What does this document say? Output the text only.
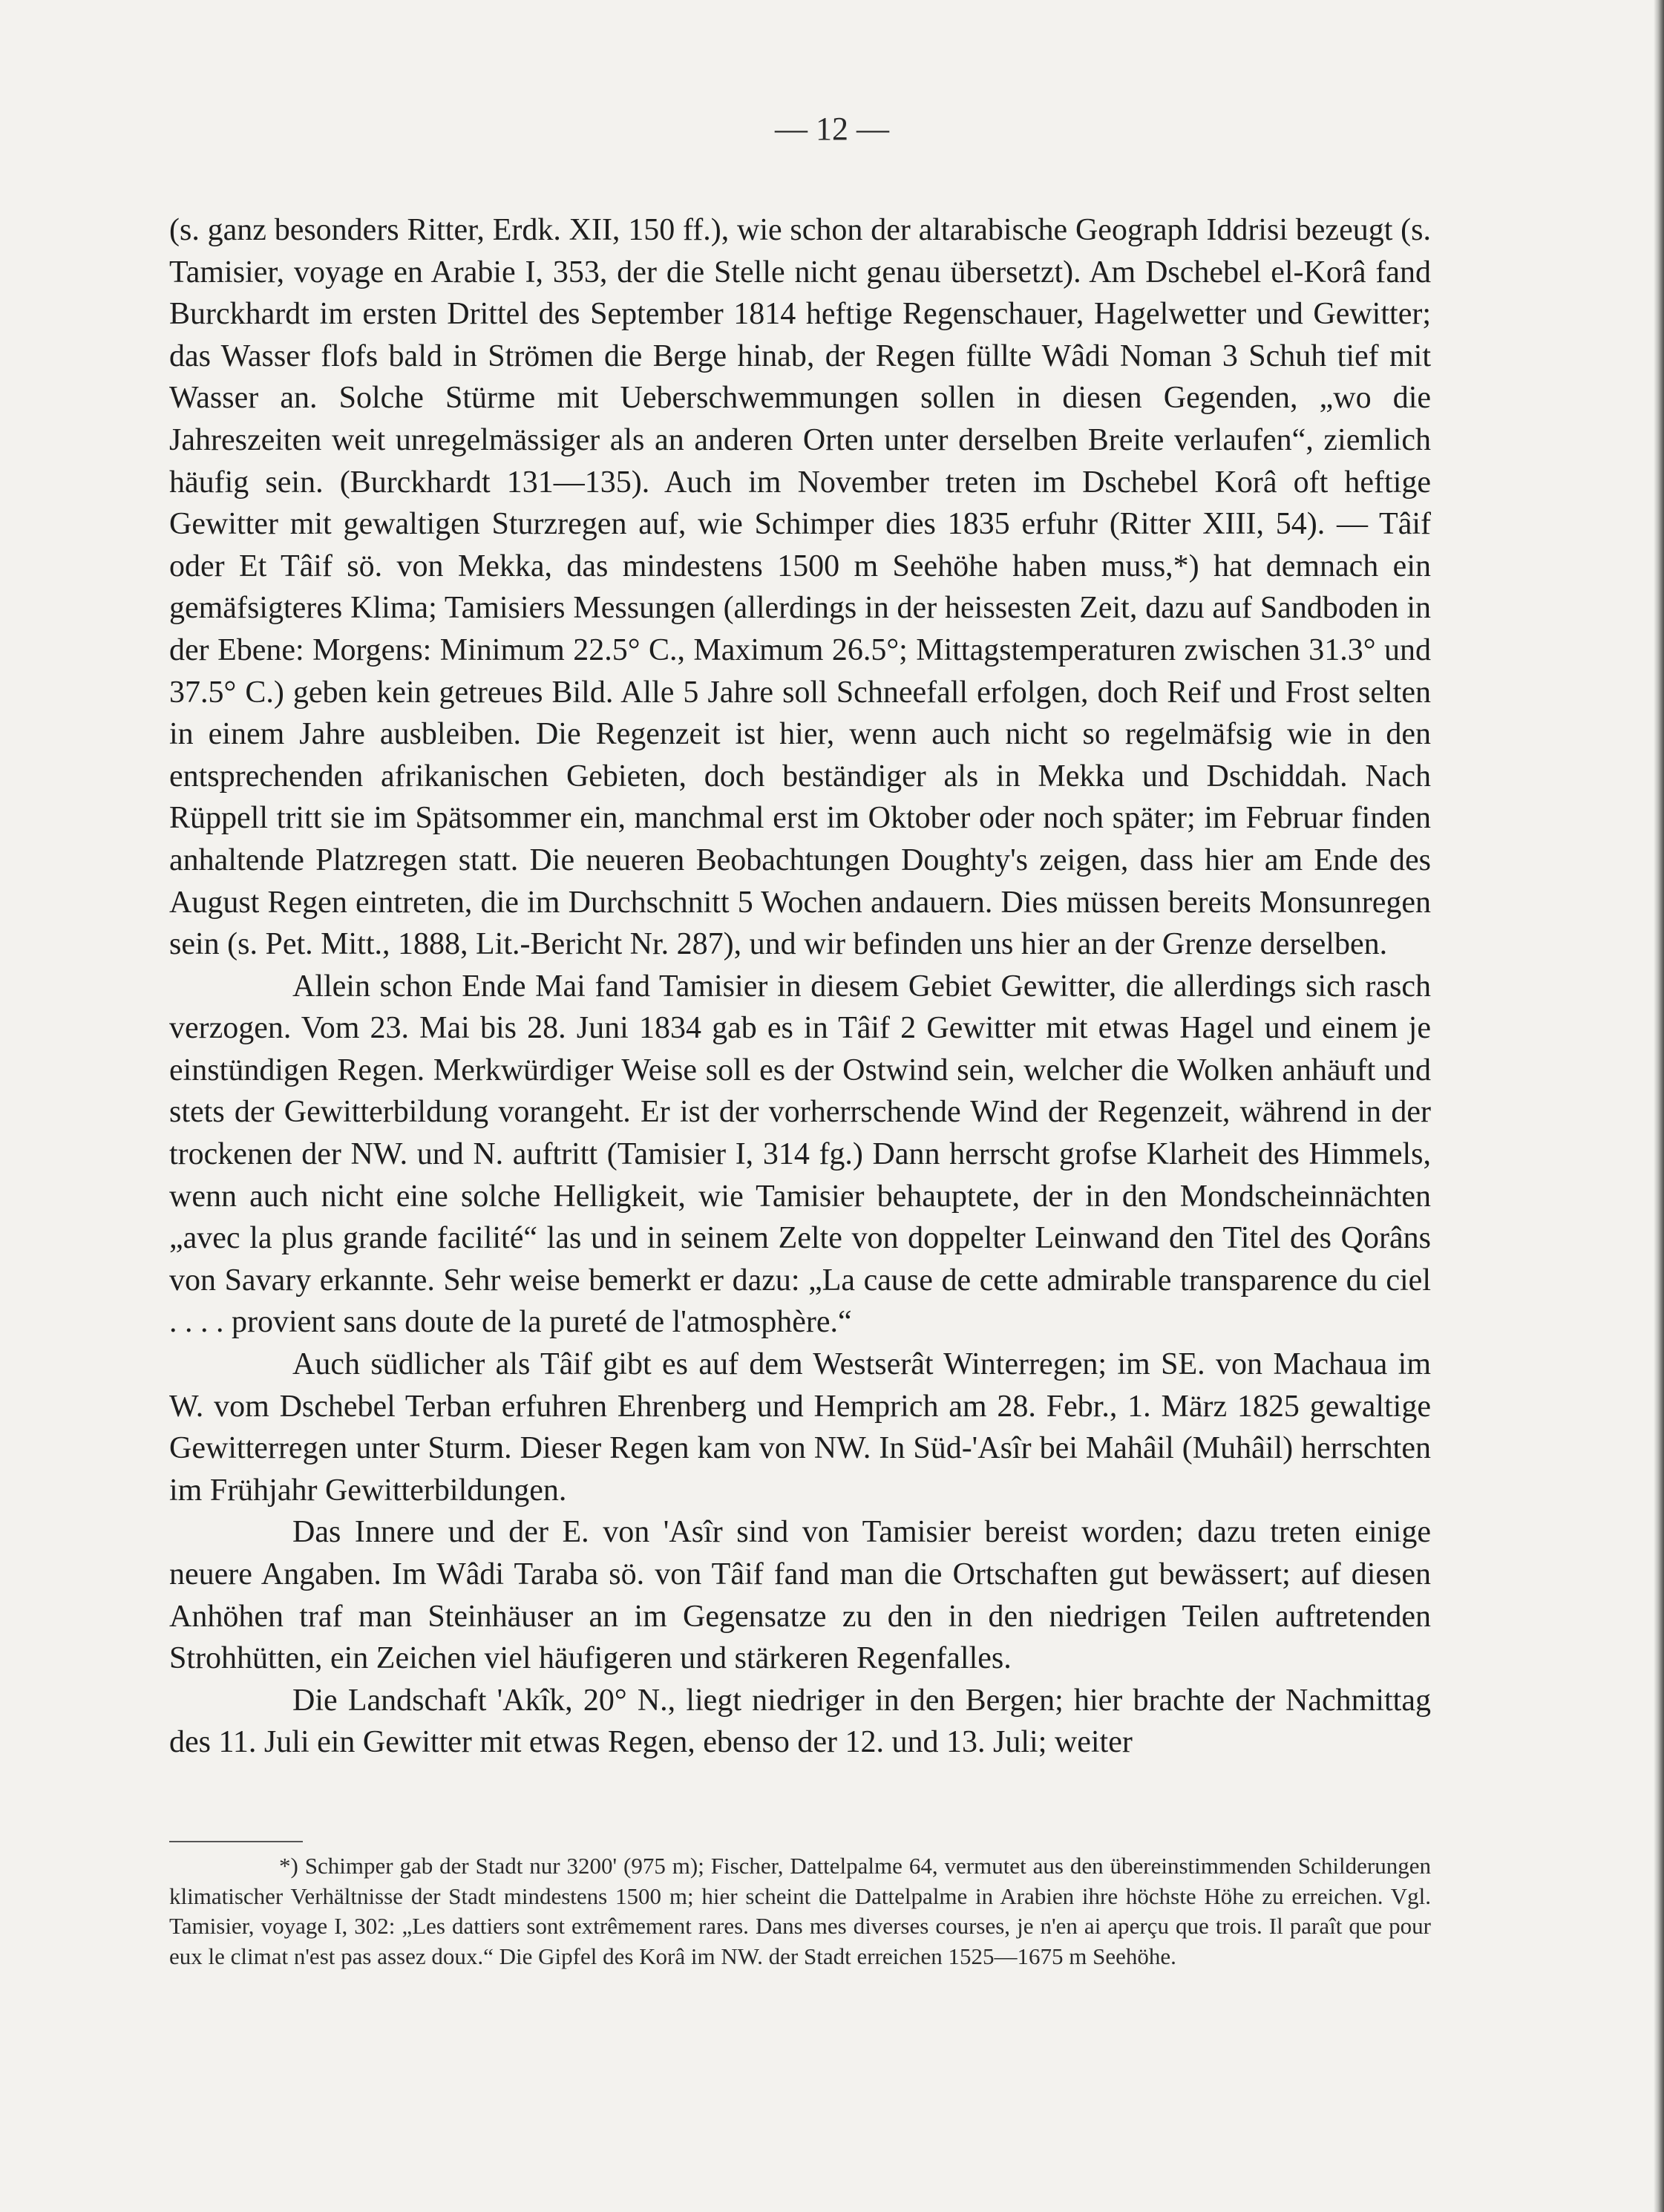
— 12 —

(s. ganz besonders Ritter, Erdk. XII, 150 ff.), wie schon der altarabische Geograph Iddrisi bezeugt (s. Tamisier, voyage en Arabie I, 353, der die Stelle nicht genau übersetzt). Am Dschebel el-Korâ fand Burckhardt im ersten Drittel des September 1814 heftige Regenschauer, Hagelwetter und Gewitter; das Wasser flofs bald in Strömen die Berge hinab, der Regen füllte Wâdi Noman 3 Schuh tief mit Wasser an. Solche Stürme mit Ueberschwemmungen sollen in diesen Gegenden, „wo die Jahreszeiten weit unregelmässiger als an anderen Orten unter derselben Breite verlaufen“, ziemlich häufig sein. (Burckhardt 131—135). Auch im November treten im Dschebel Korâ oft heftige Gewitter mit gewaltigen Sturzregen auf, wie Schimper dies 1835 erfuhr (Ritter XIII, 54). — Tâif oder Et Tâif sö. von Mekka, das mindestens 1500 m Seehöhe haben muss,*) hat demnach ein gemäfsigteres Klima; Tamisiers Messungen (allerdings in der heissesten Zeit, dazu auf Sandboden in der Ebene: Morgens: Minimum 22.5° C., Maximum 26.5°; Mittagstemperaturen zwischen 31.3° und 37.5° C.) geben kein getreues Bild. Alle 5 Jahre soll Schneefall erfolgen, doch Reif und Frost selten in einem Jahre ausbleiben. Die Regenzeit ist hier, wenn auch nicht so regelmäfsig wie in den entsprechenden afrikanischen Gebieten, doch beständiger als in Mekka und Dschiddah. Nach Rüppell tritt sie im Spätsommer ein, manchmal erst im Oktober oder noch später; im Februar finden anhaltende Platzregen statt. Die neueren Beobachtungen Doughty's zeigen, dass hier am Ende des August Regen eintreten, die im Durchschnitt 5 Wochen andauern. Dies müssen bereits Monsunregen sein (s. Pet. Mitt., 1888, Lit.-Bericht Nr. 287), und wir befinden uns hier an der Grenze derselben.

Allein schon Ende Mai fand Tamisier in diesem Gebiet Gewitter, die allerdings sich rasch verzogen. Vom 23. Mai bis 28. Juni 1834 gab es in Tâif 2 Gewitter mit etwas Hagel und einem je einstündigen Regen. Merkwürdiger Weise soll es der Ostwind sein, welcher die Wolken anhäuft und stets der Gewitterbildung vorangeht. Er ist der vorherrschende Wind der Regenzeit, während in der trockenen der NW. und N. auftritt (Tamisier I, 314 fg.) Dann herrscht grofse Klarheit des Himmels, wenn auch nicht eine solche Helligkeit, wie Tamisier behauptete, der in den Mondscheinnächten „avec la plus grande facilité“ las und in seinem Zelte von doppelter Leinwand den Titel des Qorâns von Savary erkannte. Sehr weise bemerkt er dazu: „La cause de cette admirable transparence du ciel . . . . provient sans doute de la pureté de l'atmosphère.“

Auch südlicher als Tâif gibt es auf dem Westserât Winterregen; im SE. von Machaua im W. vom Dschebel Terban erfuhren Ehrenberg und Hemprich am 28. Febr., 1. März 1825 gewaltige Gewitterregen unter Sturm. Dieser Regen kam von NW. In Süd-'Asîr bei Mahâil (Muhâil) herrschten im Frühjahr Gewitterbildungen.

Das Innere und der E. von 'Asîr sind von Tamisier bereist worden; dazu treten einige neuere Angaben. Im Wâdi Taraba sö. von Tâif fand man die Ortschaften gut bewässert; auf diesen Anhöhen traf man Steinhäuser an im Gegensatze zu den in den niedrigen Teilen auftretenden Strohhütten, ein Zeichen viel häufigeren und stärkeren Regenfalles.

Die Landschaft 'Akîk, 20° N., liegt niedriger in den Bergen; hier brachte der Nachmittag des 11. Juli ein Gewitter mit etwas Regen, ebenso der 12. und 13. Juli; weiter

*) Schimper gab der Stadt nur 3200' (975 m); Fischer, Dattelpalme 64, vermutet aus den übereinstimmenden Schilderungen klimatischer Verhältnisse der Stadt mindestens 1500 m; hier scheint die Dattelpalme in Arabien ihre höchste Höhe zu erreichen. Vgl. Tamisier, voyage I, 302: „Les dattiers sont extrêmement rares. Dans mes diverses courses, je n'en ai aperçu que trois. Il paraît que pour eux le climat n'est pas assez doux.“ Die Gipfel des Korâ im NW. der Stadt erreichen 1525—1675 m Seehöhe.
